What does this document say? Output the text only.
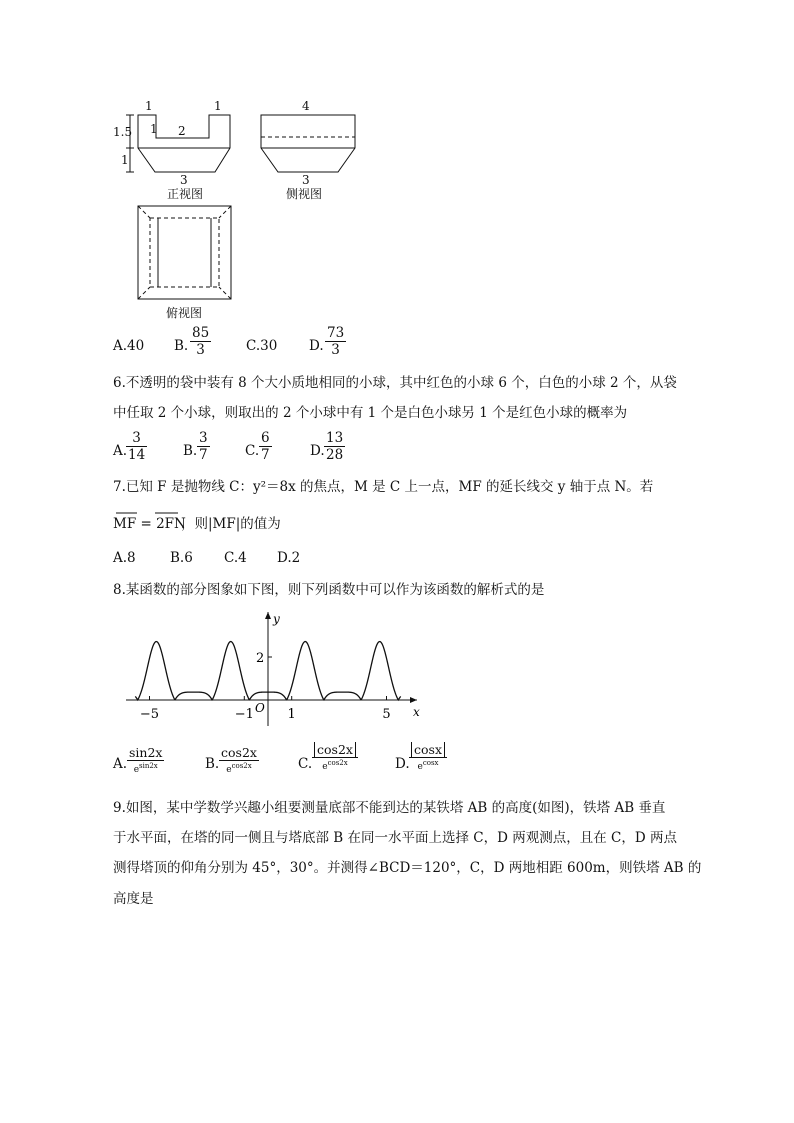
1	1
1 2
1.5
1
3
正视图
4
3
侧视图
俯视图
A.40 B. $\frac{85}{3}$	C.30 D. $\frac{73}{3}$
6.不透明的袋中装有 8 个大小质地相同的小球，其中红色的小球 6 个，白色的小球 2 个，从袋
中任取 2 个小球，则取出的 2 个小球中有 1 个是白色小球另 1 个是红色小球的概率为
A.
$\frac{3}{14}$	B. $\frac{3}{7}$	C. $\frac{6}{7}$	D. $\frac{13}{28}$
7.已知 F 是抛物线 C：y²＝8x 的焦点，M 是 C 上一点，MF 的延长线交 y 轴于点 N。若
MF = 2FN
，则|MF|的值为
A.8	B.6 C.4 D.2
8.某函数的部分图象如下图，则下列函数中可以作为该函数的解析式的是
x
y
O
−5	−1	1	5
2
A.
sin2x
$e^{sin2x}$	B.
cos2x
$e^{cos2x}$	C.
cos2x
$e^{cos2x}$	D.
cosx
$e^{cosx}$
9.如图，某中学数学兴趣小组要测量底部不能到达的某铁塔 AB 的高度(如图)，铁塔 AB 垂直
于水平面，在塔的同一侧且与塔底部 B 在同一水平面上选择 C，D 两观测点，且在 C，D 两点
测得塔顶的仰角分别为 45°，30°。并测得∠BCD＝120°，C，D 两地相距 600m，则铁塔 AB 的
高度是
